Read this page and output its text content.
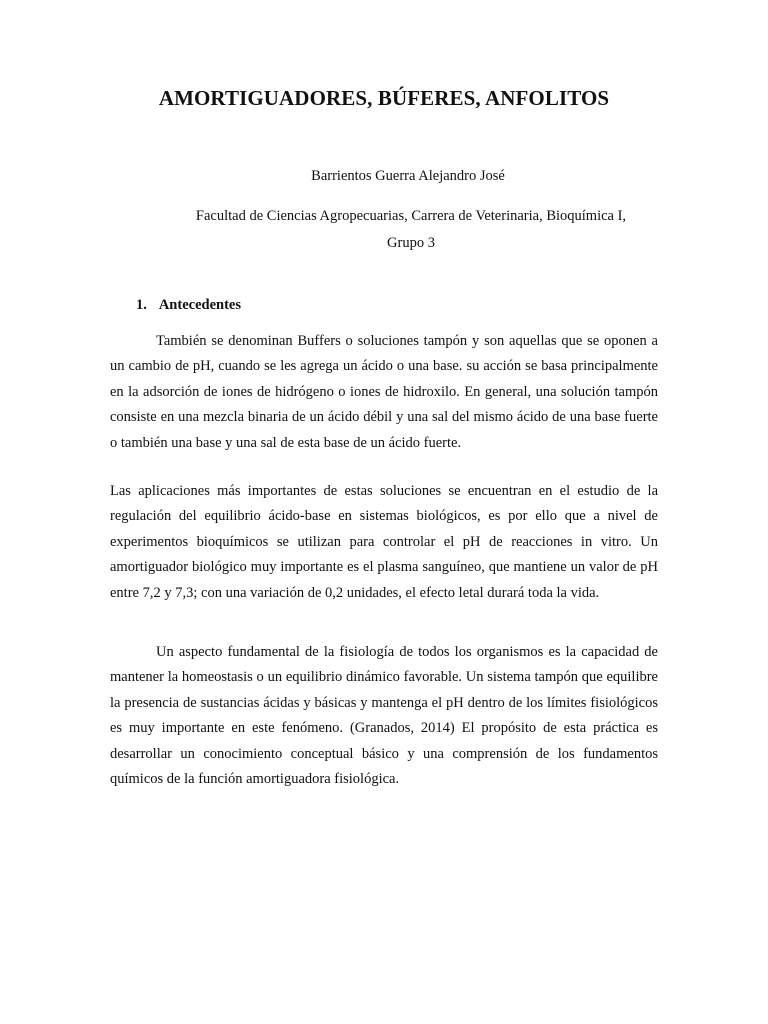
AMORTIGUADORES, BÚFERES, ANFOLITOS
Barrientos Guerra Alejandro José
Facultad de Ciencias Agropecuarias, Carrera de Veterinaria, Bioquímica I, Grupo 3
1. Antecedentes

También se denominan Buffers o soluciones tampón y son aquellas que se oponen a un cambio de pH, cuando se les agrega un ácido o una base. su acción se basa principalmente en la adsorción de iones de hidrógeno o iones de hidroxilo. En general, una solución tampón consiste en una mezcla binaria de un ácido débil y una sal del mismo ácido de una base fuerte o también una base y una sal de esta base de un ácido fuerte.

Las aplicaciones más importantes de estas soluciones se encuentran en el estudio de la regulación del equilibrio ácido-base en sistemas biológicos, es por ello que a nivel de experimentos bioquímicos se utilizan para controlar el pH de reacciones in vitro. Un amortiguador biológico muy importante es el plasma sanguíneo, que mantiene un valor de pH entre 7,2 y 7,3; con una variación de 0,2 unidades, el efecto letal durará toda la vida.

Un aspecto fundamental de la fisiología de todos los organismos es la capacidad de mantener la homeostasis o un equilibrio dinámico favorable. Un sistema tampón que equilibre la presencia de sustancias ácidas y básicas y mantenga el pH dentro de los límites fisiológicos es muy importante en este fenómeno. (Granados, 2014) El propósito de esta práctica es desarrollar un conocimiento conceptual básico y una comprensión de los fundamentos químicos de la función amortiguadora fisiológica.
